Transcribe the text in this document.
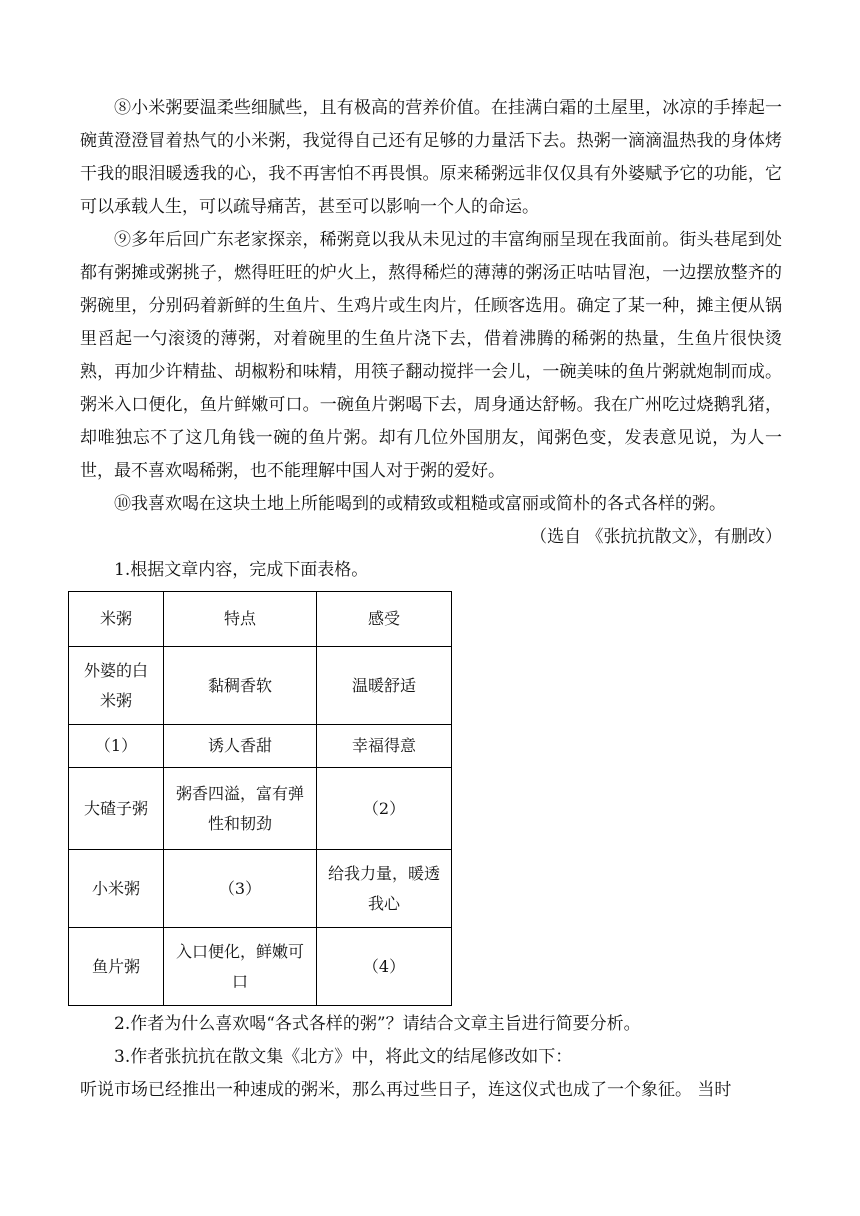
⑧小米粥要温柔些细腻些，且有极高的营养价值。在挂满白霜的土屋里，冰凉的手捧起一碗黄澄澄冒着热气的小米粥，我觉得自己还有足够的力量活下去。热粥一滴滴温热我的身体烤干我的眼泪暖透我的心，我不再害怕不再畏惧。原来稀粥远非仅仅具有外婆赋予它的功能，它可以承载人生，可以疏导痛苦，甚至可以影响一个人的命运。

⑨多年后回广东老家探亲，稀粥竟以我从未见过的丰富绚丽呈现在我面前。街头巷尾到处都有粥摊或粥挑子，燃得旺旺的炉火上，熬得稀烂的薄薄的粥汤正咕咕冒泡，一边摆放整齐的粥碗里，分别码着新鲜的生鱼片、生鸡片或生肉片，任顾客选用。确定了某一种，摊主便从锅里舀起一勺滚烫的薄粥，对着碗里的生鱼片浇下去，借着沸腾的稀粥的热量，生鱼片很快烫熟，再加少许精盐、胡椒粉和味精，用筷子翻动搅拌一会儿，一碗美味的鱼片粥就炮制而成。粥米入口便化，鱼片鲜嫩可口。一碗鱼片粥喝下去，周身通达舒畅。我在广州吃过烧鹅乳猪，却唯独忘不了这几角钱一碗的鱼片粥。却有几位外国朋友，闻粥色变，发表意见说，为人一世，最不喜欢喝稀粥，也不能理解中国人对于粥的爱好。

⑩我喜欢喝在这块土地上所能喝到的或精致或粗糙或富丽或简朴的各式各样的粥。

（选自 《张抗抗散文》，有删改）

1.根据文章内容，完成下面表格。

米粥	特点	感受
外婆的白米粥	黏稠香软	温暖舒适
（1）	诱人香甜	幸福得意
大碴子粥	粥香四溢，富有弹性和韧劲	（2）
小米粥	（3）	给我力量，暖透我心
鱼片粥	入口便化，鲜嫩可口	（4）

2.作者为什么喜欢喝“各式各样的粥”？请结合文章主旨进行简要分析。

3.作者张抗抗在散文集《北方》中，将此文的结尾修改如下：

听说市场已经推出一种速成的粥米，那么再过些日子，连这仪式也成了一个象征。 当时
